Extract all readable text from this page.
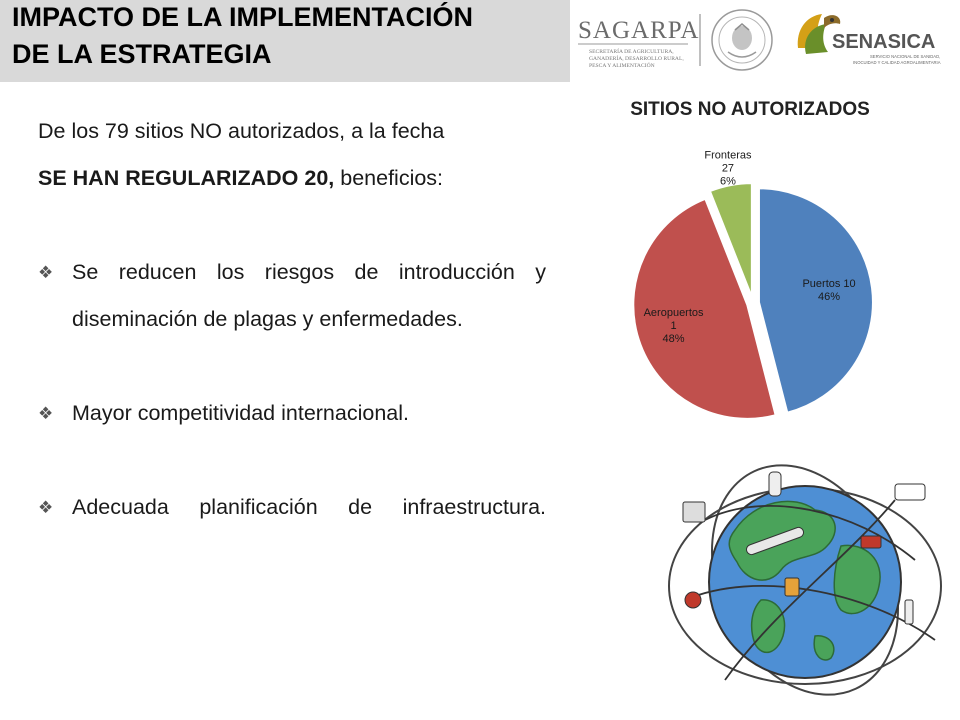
IMPACTO DE LA IMPLEMENTACIÓN
DE LA ESTRATEGIA
SAGARPA
SECRETARÍA DE AGRICULTURA,
GANADERÍA, DESARROLLO RURAL,
PESCA Y ALIMENTACIÓN
SENASICA
SERVICIO NACIONAL DE SANIDAD,
INOCUIDAD Y CALIDAD AGROALIMENTARIA

De los 79 sitios NO autorizados, a la fecha
SE HAN REGULARIZADO 20, beneficios:

❖ Se reducen los riesgos de introducción y diseminación de plagas y enfermedades.
❖ Mayor competitividad internacional.
❖ Adecuada planificación de infraestructura.
SITIOS NO AUTORIZADOS
Puertos 10 46%
Aeropuertos 1 48%
Fronteras 27 6%
